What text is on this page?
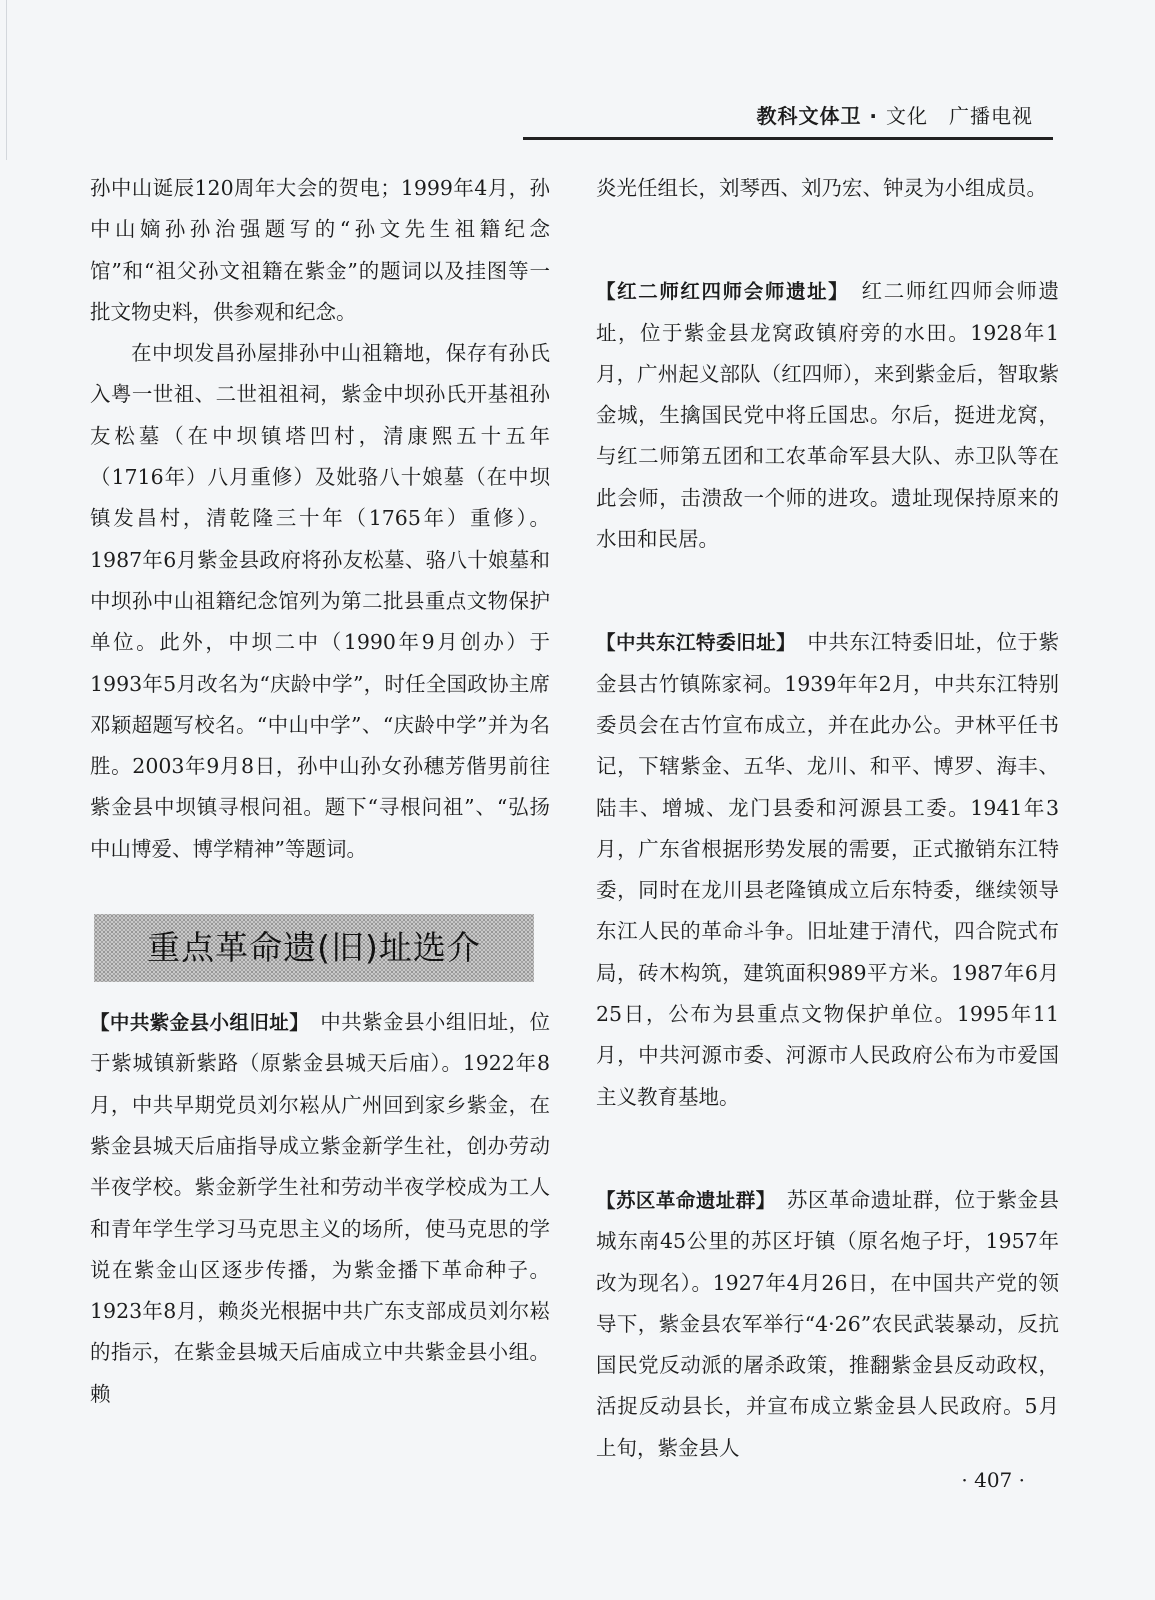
教科文体卫 · 文化　广播电视

孙中山诞辰120周年大会的贺电；1999年4月，孙中山嫡孙孙治强题写的“孙文先生祖籍纪念馆”和“祖父孙文祖籍在紫金”的题词以及挂图等一批文物史料，供参观和纪念。

在中坝发昌孙屋排孙中山祖籍地，保存有孙氏入粤一世祖、二世祖祖祠，紫金中坝孙氏开基祖孙友松墓（在中坝镇塔凹村，清康熙五十五年（1716年）八月重修）及妣骆八十娘墓（在中坝镇发昌村，清乾隆三十年（1765年）重修）。1987年6月紫金县政府将孙友松墓、骆八十娘墓和中坝孙中山祖籍纪念馆列为第二批县重点文物保护单位。此外，中坝二中（1990年9月创办）于1993年5月改名为“庆龄中学”，时任全国政协主席邓颖超题写校名。“中山中学”、“庆龄中学”并为名胜。2003年9月8日，孙中山孙女孙穗芳偕男前往紫金县中坝镇寻根问祖。题下“寻根问祖”、“弘扬中山博爱、博学精神”等题词。

重点革命遗(旧)址选介

【中共紫金县小组旧址】　 中共紫金县小组旧址，位于紫城镇新紫路（原紫金县城天后庙）。1922年8月，中共早期党员刘尔崧从广州回到家乡紫金，在紫金县城天后庙指导成立紫金新学生社，创办劳动半夜学校。紫金新学生社和劳动半夜学校成为工人和青年学生学习马克思主义的场所，使马克思的学说在紫金山区逐步传播，为紫金播下革命种子。1923年8月，赖炎光根据中共广东支部成员刘尔崧的指示，在紫金县城天后庙成立中共紫金县小组。赖

炎光任组长，刘琴西、刘乃宏、钟灵为小组成员。

【红二师红四师会师遗址】　 红二师红四师会师遗址，位于紫金县龙窝政镇府旁的水田。1928年1月，广州起义部队（红四师），来到紫金后，智取紫金城，生擒国民党中将丘国忠。尔后，挺进龙窝，与红二师第五团和工农革命军县大队、赤卫队等在此会师，击溃敌一个师的进攻。遗址现保持原来的水田和民居。

【中共东江特委旧址】　 中共东江特委旧址，位于紫金县古竹镇陈家祠。1939年年2月，中共东江特别委员会在古竹宣布成立，并在此办公。尹林平任书记，下辖紫金、五华、龙川、和平、博罗、海丰、陆丰、增城、龙门县委和河源县工委。1941年3月，广东省根据形势发展的需要，正式撤销东江特委，同时在龙川县老隆镇成立后东特委，继续领导东江人民的革命斗争。旧址建于清代，四合院式布局，砖木构筑，建筑面积989平方米。1987年6月25日，公布为县重点文物保护单位。1995年11月，中共河源市委、河源市人民政府公布为市爱国主义教育基地。

【苏区革命遗址群】　 苏区革命遗址群，位于紫金县城东南45公里的苏区圩镇（原名炮子圩，1957年改为现名）。1927年4月26日，在中国共产党的领导下，紫金县农军举行“4·26”农民武装暴动，反抗国民党反动派的屠杀政策，推翻紫金县反动政权，活捉反动县长，并宣布成立紫金县人民政府。5月上旬，紫金县人

· 407 ·
